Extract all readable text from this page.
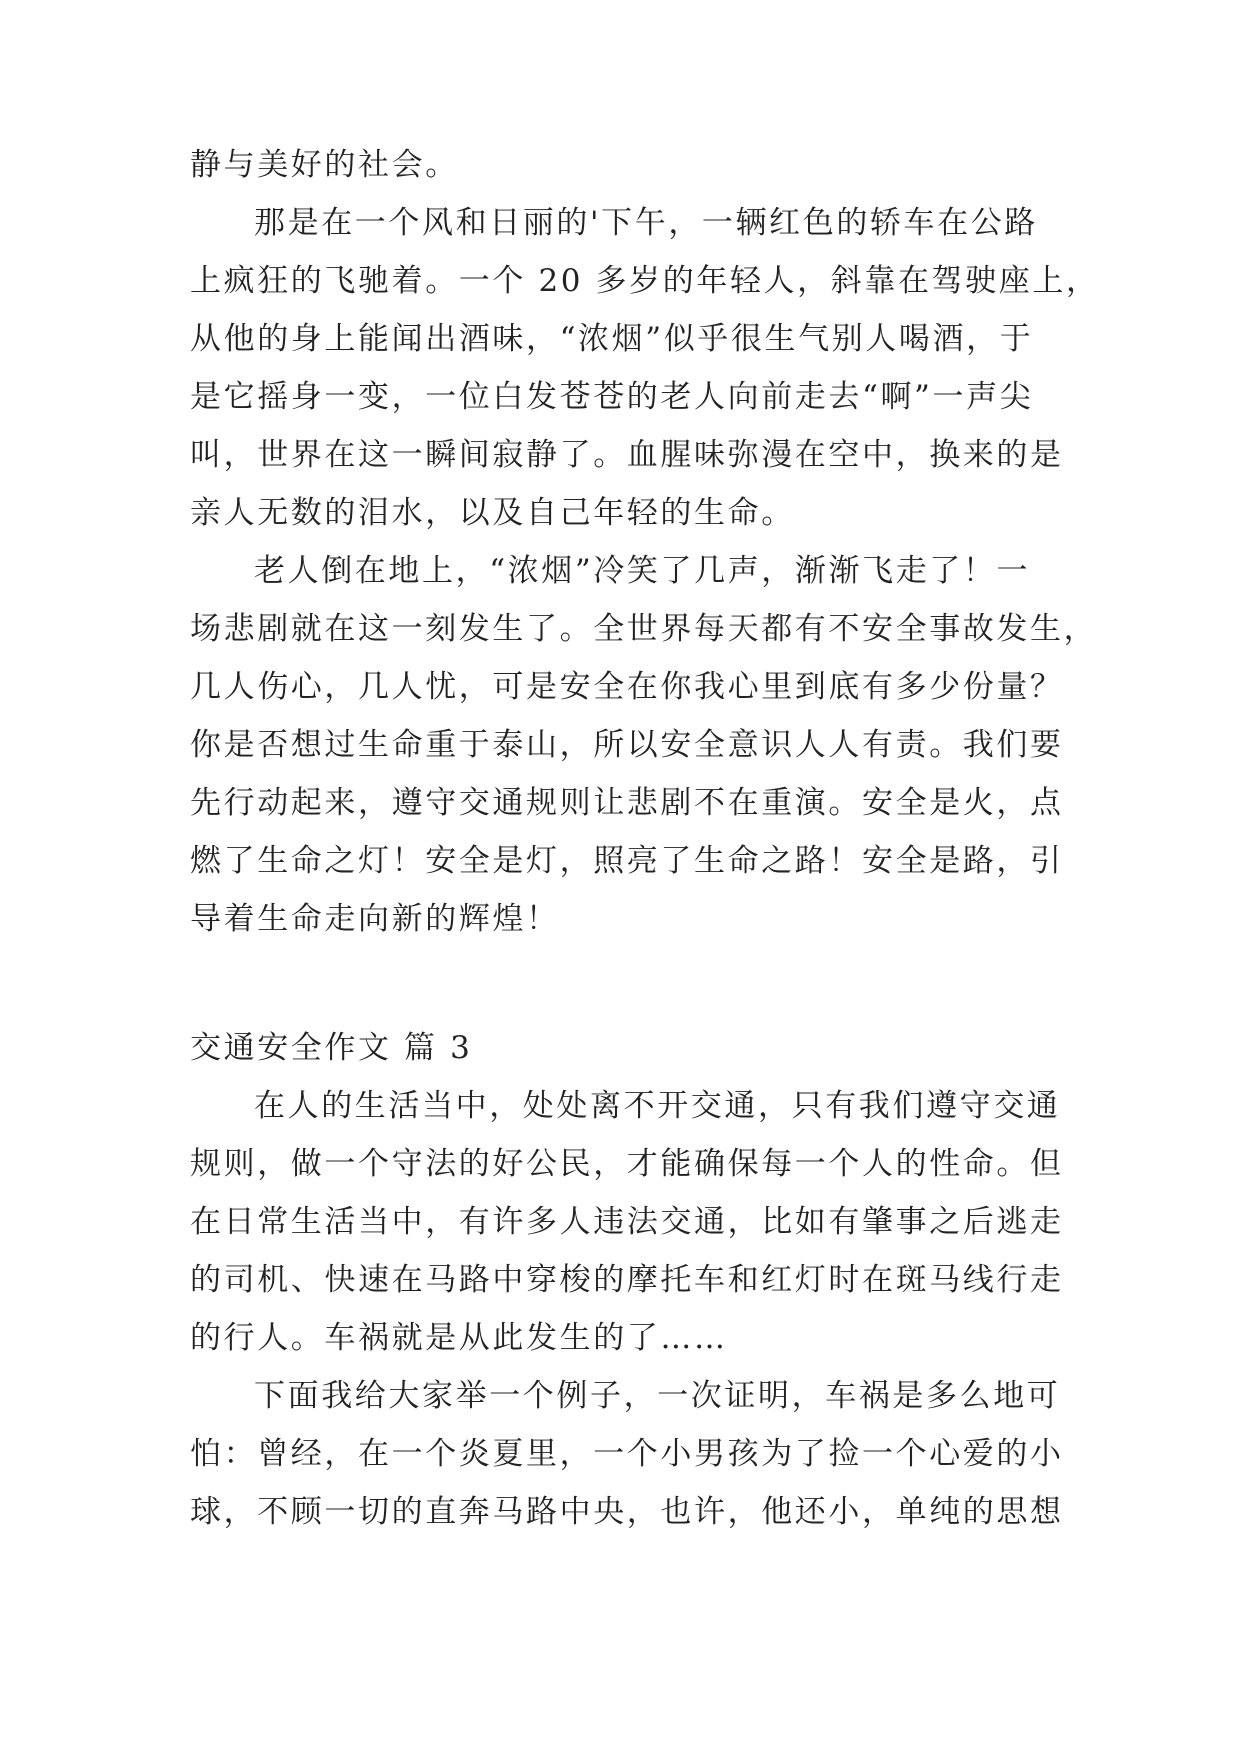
静与美好的社会。
那是在一个风和日丽的'下午，一辆红色的轿车在公路
上疯狂的飞驰着。一个 20 多岁的年轻人，斜靠在驾驶座上，
从他的身上能闻出酒味，“浓烟”似乎很生气别人喝酒，于
是它摇身一变，一位白发苍苍的老人向前走去“啊”一声尖
叫，世界在这一瞬间寂静了。血腥味弥漫在空中，换来的是
亲人无数的泪水，以及自己年轻的生命。
老人倒在地上，“浓烟”冷笑了几声，渐渐飞走了！一
场悲剧就在这一刻发生了。全世界每天都有不安全事故发生，
几人伤心，几人忧，可是安全在你我心里到底有多少份量？
你是否想过生命重于泰山，所以安全意识人人有责。我们要
先行动起来，遵守交通规则让悲剧不在重演。安全是火，点
燃了生命之灯！安全是灯，照亮了生命之路！安全是路，引
导着生命走向新的辉煌！
交通安全作文 篇 3
在人的生活当中，处处离不开交通，只有我们遵守交通
规则，做一个守法的好公民，才能确保每一个人的性命。但
在日常生活当中，有许多人违法交通，比如有肇事之后逃走
的司机、快速在马路中穿梭的摩托车和红灯时在斑马线行走
的行人。车祸就是从此发生的了……
下面我给大家举一个例子，一次证明，车祸是多么地可
怕：曾经，在一个炎夏里，一个小男孩为了捡一个心爱的小
球，不顾一切的直奔马路中央，也许，他还小，单纯的思想
